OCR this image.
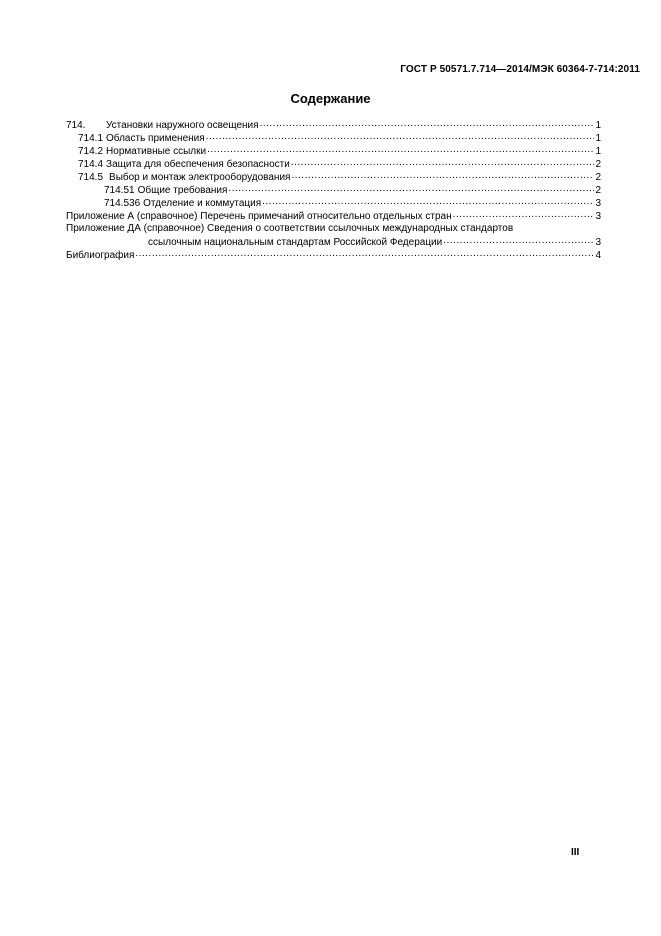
ГОСТ Р 50571.7.714—2014/МЭК 60364-7-714:2011
Содержание
714.	Установки наружного освещения .....	1
714.1 Область применения .....	1
714.2 Нормативные ссылки .....	1
714.4 Защита для обеспечения безопасности .....	2
714.5 Выбор и монтаж электрооборудования .....	2
714.51 Общие требования .....	2
714.536 Отделение и коммутация .....	3
Приложение А (справочное) Перечень примечаний относительно отдельных стран .....	3
Приложение ДА (справочное) Сведения о соответствии ссылочных международных стандартов
ссылочным национальным стандартам Российской Федерации .....	3
Библиография .....	4
III
